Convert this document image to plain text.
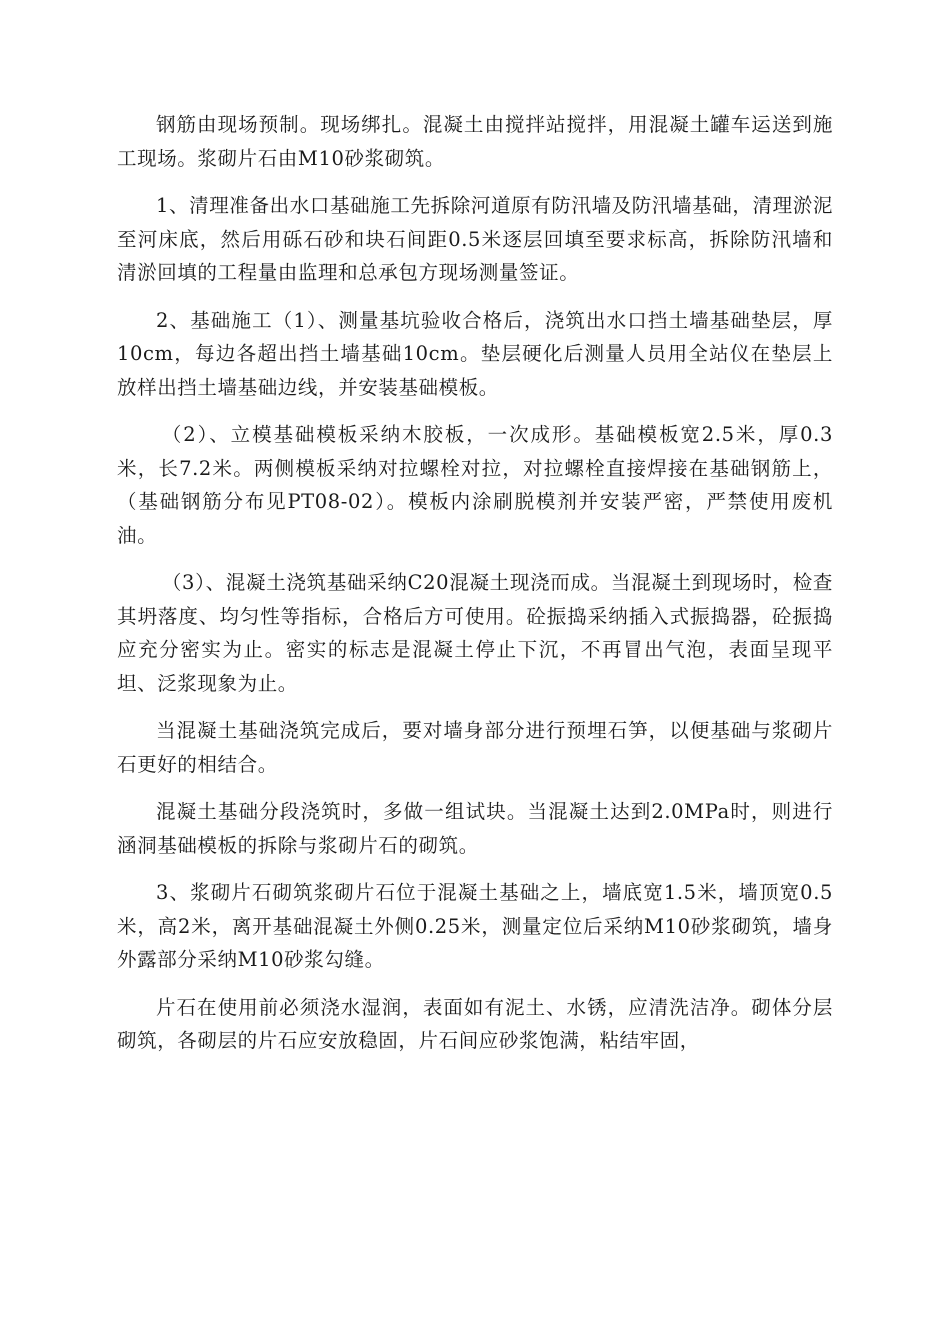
钢筋由现场预制。现场绑扎。混凝土由搅拌站搅拌，用混凝土罐车运送到施工现场。浆砌片石由M10砂浆砌筑。

1、清理准备出水口基础施工先拆除河道原有防汛墙及防汛墙基础，清理淤泥至河床底，然后用砾石砂和块石间距0.5米逐层回填至要求标高，拆除防汛墙和清淤回填的工程量由监理和总承包方现场测量签证。

2、基础施工（1）、测量基坑验收合格后，浇筑出水口挡土墙基础垫层，厚10cm，每边各超出挡土墙基础10cm。垫层硬化后测量人员用全站仪在垫层上放样出挡土墙基础边线，并安装基础模板。

（2）、立模基础模板采纳木胶板，一次成形。基础模板宽2.5米，厚0.3米，长7.2米。两侧模板采纳对拉螺栓对拉，对拉螺栓直接焊接在基础钢筋上，（基础钢筋分布见PT08-02）。模板内涂刷脱模剂并安装严密，严禁使用废机油。

（3）、混凝土浇筑基础采纳C20混凝土现浇而成。当混凝土到现场时，检查其坍落度、均匀性等指标，合格后方可使用。砼振捣采纳插入式振捣器，砼振捣应充分密实为止。密实的标志是混凝土停止下沉，不再冒出气泡，表面呈现平坦、泛浆现象为止。

当混凝土基础浇筑完成后，要对墙身部分进行预埋石笋，以便基础与浆砌片石更好的相结合。

混凝土基础分段浇筑时，多做一组试块。当混凝土达到2.0MPa时，则进行涵洞基础模板的拆除与浆砌片石的砌筑。

3、浆砌片石砌筑浆砌片石位于混凝土基础之上，墙底宽1.5米，墙顶宽0.5米，高2米，离开基础混凝土外侧0.25米，测量定位后采纳M10砂浆砌筑，墙身外露部分采纳M10砂浆勾缝。

片石在使用前必须浇水湿润，表面如有泥土、水锈，应清洗洁净。砌体分层砌筑，各砌层的片石应安放稳固，片石间应砂浆饱满，粘结牢固，
